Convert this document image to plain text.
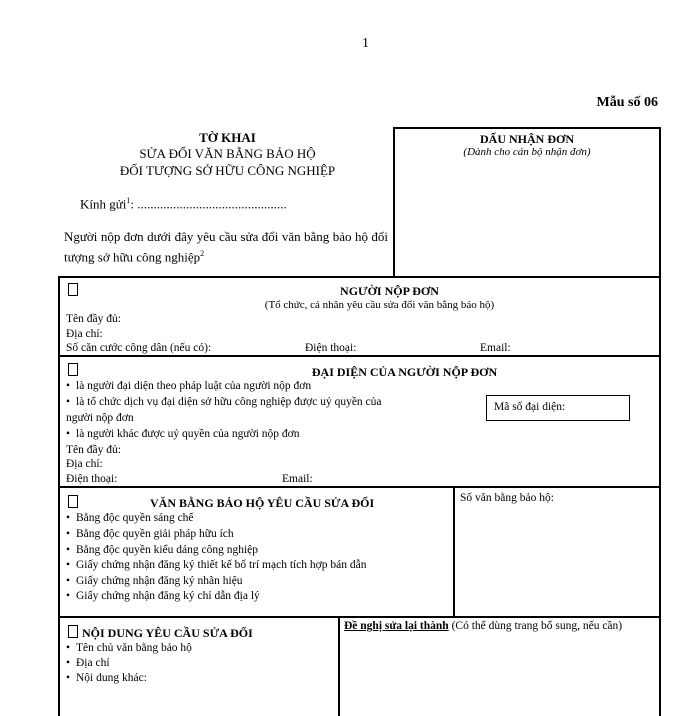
1
Mẫu số 06
TỜ KHAI
SỬA ĐỔI VĂN BẰNG BẢO HỘ
ĐỐI TƯỢNG SỞ HỮU CÔNG NGHIỆP
Kính gửi$^1$: ..............................................
Người nộp đơn dưới đây yêu cầu sửa đổi văn bằng bảo hộ đối tượng sở hữu công nghiệp$^2$
DẤU NHẬN ĐƠN
(Dành cho cán bộ nhận đơn)
NGƯỜI NỘP ĐƠN
(Tổ chức, cá nhân yêu cầu sửa đổi văn bằng bảo hộ)
Tên đầy đủ:
Địa chỉ:
Số căn cước công dân (nếu có):	Điện thoại:	Email:
ĐẠI DIỆN CỦA NGƯỜI NỘP ĐƠN
• là người đại diện theo pháp luật của người nộp đơn
• là tổ chức dịch vụ đại diện sở hữu công nghiệp được uỷ quyền của
người nộp đơn
• là người khác được uỷ quyền của người nộp đơn
Tên đầy đủ:
Địa chỉ:
Điện thoại:	Email:
Mã số đại diện:
VĂN BẰNG BẢO HỘ YÊU CẦU SỬA ĐỔI	Số văn bằng bảo hộ:
• Bằng độc quyền sáng chế
• Bằng độc quyền giải pháp hữu ích
• Bằng độc quyền kiểu dáng công nghiệp
• Giấy chứng nhận đăng ký thiết kế bố trí mạch tích hợp bán dẫn
• Giấy chứng nhận đăng ký nhãn hiệu
• Giấy chứng nhận đăng ký chỉ dẫn địa lý
NỘI DUNG YÊU CẦU SỬA ĐỔI
• Tên chủ văn bằng bảo hộ
• Địa chỉ
• Nội dung khác:
Đề nghị sửa lại thành (Có thể dùng trang bổ sung, nếu cần)
